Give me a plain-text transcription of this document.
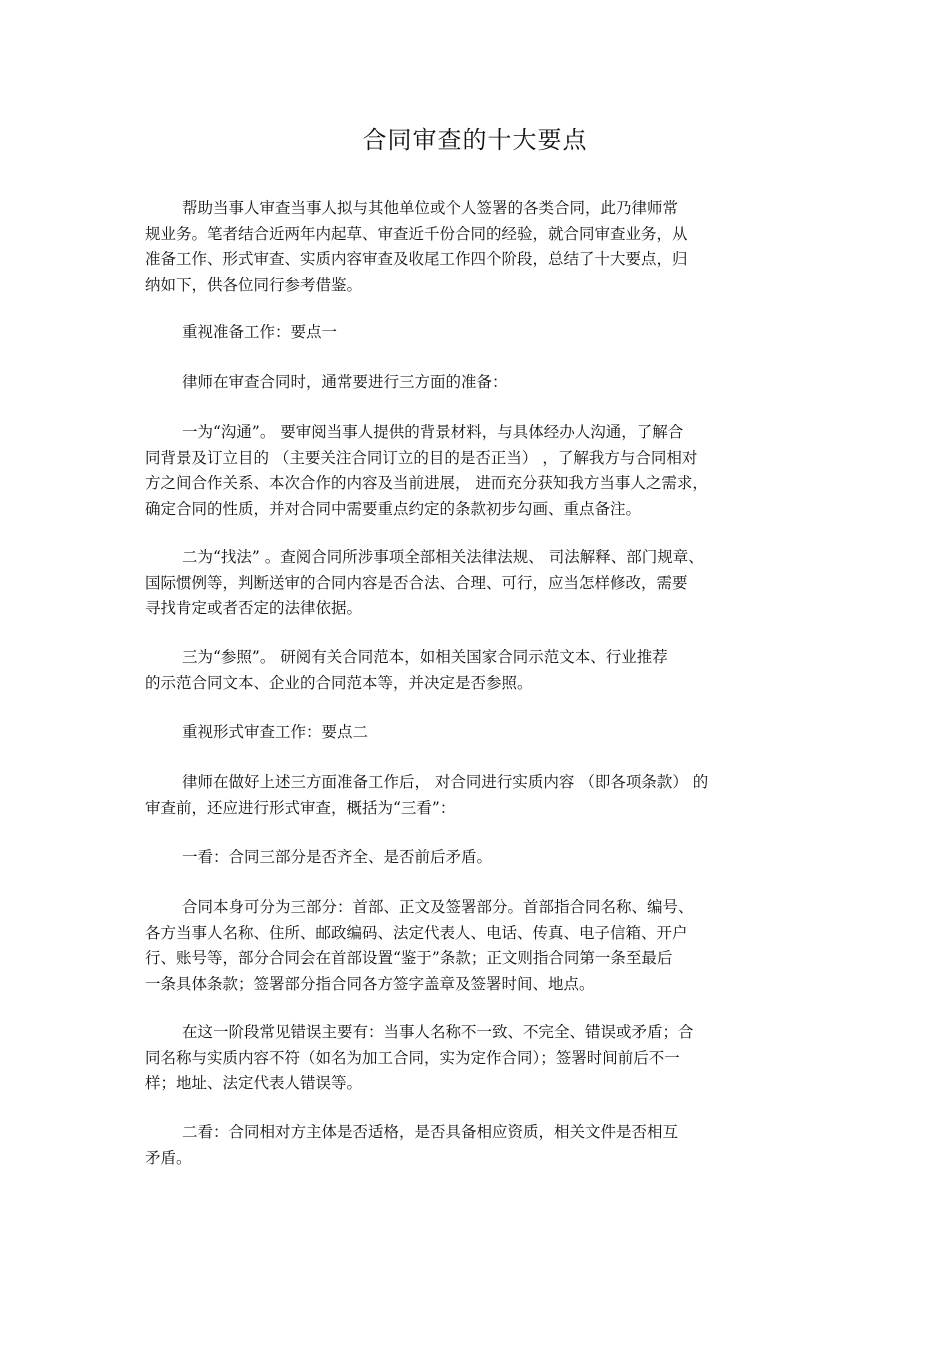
合同审查的十大要点

帮助当事人审查当事人拟与其他单位或个人签署的各类合同，此乃律师常
规业务。笔者结合近两年内起草、审查近千份合同的经验，就合同审查业务，从
准备工作、形式审查、实质内容审查及收尾工作四个阶段，总结了十大要点，归
纳如下，供各位同行参考借鉴。

重视准备工作：要点一

律师在审查合同时，通常要进行三方面的准备：

一为“沟通”。 要审阅当事人提供的背景材料，与具体经办人沟通，了解合
同背景及订立目的 （主要关注合同订立的目的是否正当） ，了解我方与合同相对
方之间合作关系、本次合作的内容及当前进展， 进而充分获知我方当事人之需求，
确定合同的性质，并对合同中需要重点约定的条款初步勾画、重点备注。

二为“找法” 。查阅合同所涉事项全部相关法律法规、 司法解释、部门规章、
国际惯例等，判断送审的合同内容是否合法、合理、可行，应当怎样修改，需要
寻找肯定或者否定的法律依据。

三为“参照”。 研阅有关合同范本，如相关国家合同示范文本、行业推荐
的示范合同文本、企业的合同范本等，并决定是否参照。

重视形式审查工作：要点二

律师在做好上述三方面准备工作后， 对合同进行实质内容 （即各项条款） 的
审查前，还应进行形式审查，概括为“三看”：

一看：合同三部分是否齐全、是否前后矛盾。

合同本身可分为三部分：首部、正文及签署部分。首部指合同名称、编号、
各方当事人名称、住所、邮政编码、法定代表人、电话、传真、电子信箱、开户
行、账号等，部分合同会在首部设置“鉴于”条款；正文则指合同第一条至最后
一条具体条款；签署部分指合同各方签字盖章及签署时间、地点。

在这一阶段常见错误主要有：当事人名称不一致、不完全、错误或矛盾；合
同名称与实质内容不符（如名为加工合同，实为定作合同）；签署时间前后不一
样；地址、法定代表人错误等。

二看：合同相对方主体是否适格，是否具备相应资质，相关文件是否相互
矛盾。
